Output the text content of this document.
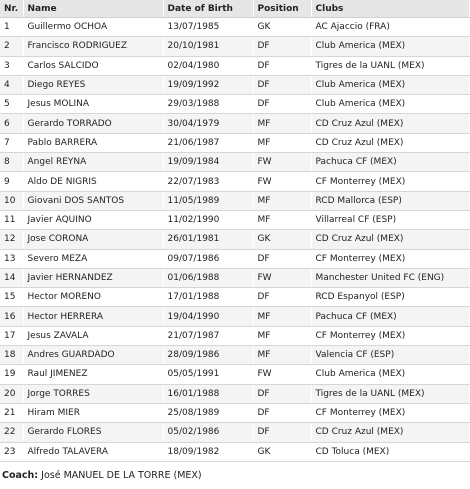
Nr.	Name	Date of Birth	Position	Clubs
1	Guillermo OCHOA	13/07/1985	GK	AC Ajaccio (FRA)
2	Francisco RODRIGUEZ	20/10/1981	DF	Club America (MEX)
3	Carlos SALCIDO	02/04/1980	DF	Tigres de la UANL (MEX)
4	Diego REYES	19/09/1992	DF	Club America (MEX)
5	Jesus MOLINA	29/03/1988	DF	Club America (MEX)
6	Gerardo TORRADO	30/04/1979	MF	CD Cruz Azul (MEX)
7	Pablo BARRERA	21/06/1987	MF	CD Cruz Azul (MEX)
8	Angel REYNA	19/09/1984	FW	Pachuca CF (MEX)
9	Aldo DE NIGRIS	22/07/1983	FW	CF Monterrey (MEX)
10	Giovani DOS SANTOS	11/05/1989	MF	RCD Mallorca (ESP)
11	Javier AQUINO	11/02/1990	MF	Villarreal CF (ESP)
12	Jose CORONA	26/01/1981	GK	CD Cruz Azul (MEX)
13	Severo MEZA	09/07/1986	DF	CF Monterrey (MEX)
14	Javier HERNANDEZ	01/06/1988	FW	Manchester United FC (ENG)
15	Hector MORENO	17/01/1988	DF	RCD Espanyol (ESP)
16	Hector HERRERA	19/04/1990	MF	Pachuca CF (MEX)
17	Jesus ZAVALA	21/07/1987	MF	CF Monterrey (MEX)
18	Andres GUARDADO	28/09/1986	MF	Valencia CF (ESP)
19	Raul JIMENEZ	05/05/1991	FW	Club America (MEX)
20	Jorge TORRES	16/01/1988	DF	Tigres de la UANL (MEX)
21	Hiram MIER	25/08/1989	DF	CF Monterrey (MEX)
22	Gerardo FLORES	05/02/1986	DF	CD Cruz Azul (MEX)
23	Alfredo TALAVERA	18/09/1982	GK	CD Toluca (MEX)
Coach: José MANUEL DE LA TORRE (MEX)
